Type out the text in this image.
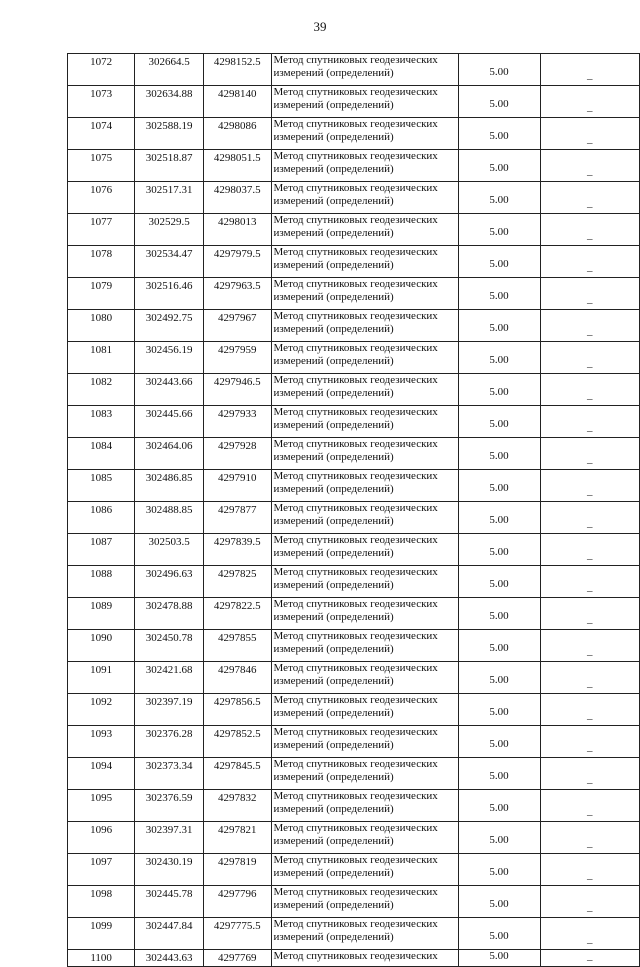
39
1072	302664.5	4298152.5	Метод спутниковых геодезических
измерений (определений)	5.00	–
1073	302634.88	4298140	Метод спутниковых геодезических
измерений (определений)	5.00	–
1074	302588.19	4298086	Метод спутниковых геодезических
измерений (определений)	5.00	–
1075	302518.87	4298051.5	Метод спутниковых геодезических
измерений (определений)	5.00	–
1076	302517.31	4298037.5	Метод спутниковых геодезических
измерений (определений)	5.00	–
1077	302529.5	4298013	Метод спутниковых геодезических
измерений (определений)	5.00	–
1078	302534.47	4297979.5	Метод спутниковых геодезических
измерений (определений)	5.00	–
1079	302516.46	4297963.5	Метод спутниковых геодезических
измерений (определений)	5.00	–
1080	302492.75	4297967	Метод спутниковых геодезических
измерений (определений)	5.00	–
1081	302456.19	4297959	Метод спутниковых геодезических
измерений (определений)	5.00	–
1082	302443.66	4297946.5	Метод спутниковых геодезических
измерений (определений)	5.00	–
1083	302445.66	4297933	Метод спутниковых геодезических
измерений (определений)	5.00	–
1084	302464.06	4297928	Метод спутниковых геодезических
измерений (определений)	5.00	–
1085	302486.85	4297910	Метод спутниковых геодезических
измерений (определений)	5.00	–
1086	302488.85	4297877	Метод спутниковых геодезических
измерений (определений)	5.00	–
1087	302503.5	4297839.5	Метод спутниковых геодезических
измерений (определений)	5.00	–
1088	302496.63	4297825	Метод спутниковых геодезических
измерений (определений)	5.00	–
1089	302478.88	4297822.5	Метод спутниковых геодезических
измерений (определений)	5.00	–
1090	302450.78	4297855	Метод спутниковых геодезических
измерений (определений)	5.00	–
1091	302421.68	4297846	Метод спутниковых геодезических
измерений (определений)	5.00	–
1092	302397.19	4297856.5	Метод спутниковых геодезических
измерений (определений)	5.00	–
1093	302376.28	4297852.5	Метод спутниковых геодезических
измерений (определений)	5.00	–
1094	302373.34	4297845.5	Метод спутниковых геодезических
измерений (определений)	5.00	–
1095	302376.59	4297832	Метод спутниковых геодезических
измерений (определений)	5.00	–
1096	302397.31	4297821	Метод спутниковых геодезических
измерений (определений)	5.00	–
1097	302430.19	4297819	Метод спутниковых геодезических
измерений (определений)	5.00	–
1098	302445.78	4297796	Метод спутниковых геодезических
измерений (определений)	5.00	–
1099	302447.84	4297775.5	Метод спутниковых геодезических
измерений (определений)	5.00	–
1100	302443.63	4297769	Метод спутниковых геодезических	5.00	–
